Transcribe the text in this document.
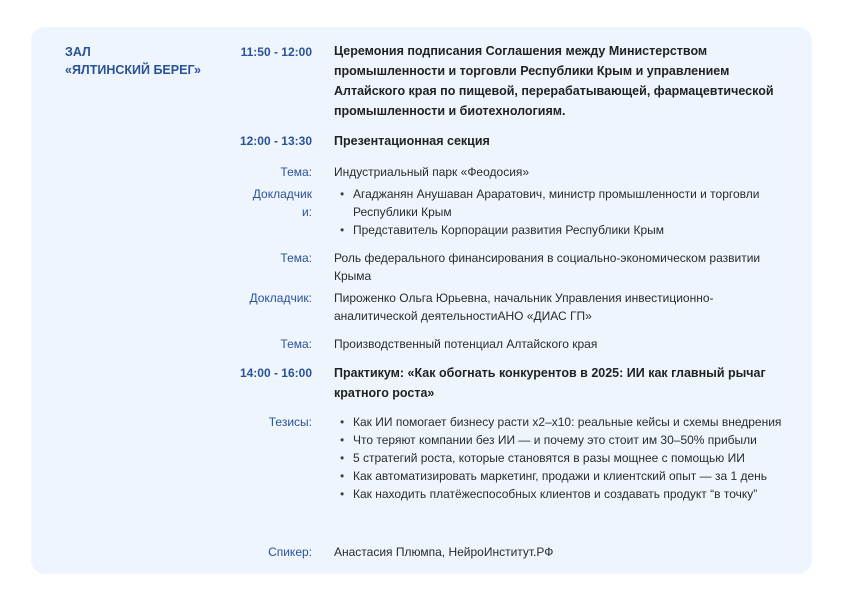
ЗАЛ
«ЯЛТИНСКИЙ БЕРЕГ»
11:50 - 12:00 Церемония подписания Соглашения между Министерством промышленности и торговли Республики Крым и управлением Алтайского края по пищевой, перерабатывающей, фармацевтической промышленности и биотехнологиям.
12:00 - 13:30 Презентационная секция
Тема: Индустриальный парк «Феодосия»
Докладчики:
• Агаджанян Анушаван Араратович, министр промышленности и торговли Республики Крым
• Представитель Корпорации развития Республики Крым
Тема: Роль федерального финансирования в социально-экономическом развитии Крыма
Докладчик: Пироженко Ольга Юрьевна, начальник Управления инвестиционно-аналитической деятельностиАНО «ДИАС ГП»
Тема: Производственный потенциал Алтайского края
14:00 - 16:00 Практикум: «Как обогнать конкурентов в 2025: ИИ как главный рычаг кратного роста»
Тезисы:
•	Как ИИ помогает бизнесу расти x2–x10: реальные кейсы и схемы внедрения
• Что теряют компании без ИИ — и почему это стоит им 30–50% прибыли
• 5 стратегий роста, которые становятся в разы мощнее с помощью ИИ
• Как автоматизировать маркетинг, продажи и клиентский опыт — за 1 день
• Как находить платёжеспособных клиентов и создавать продукт “в точку”
Спикер: Анастасия Плюмпа, НейроИнститут.РФ
